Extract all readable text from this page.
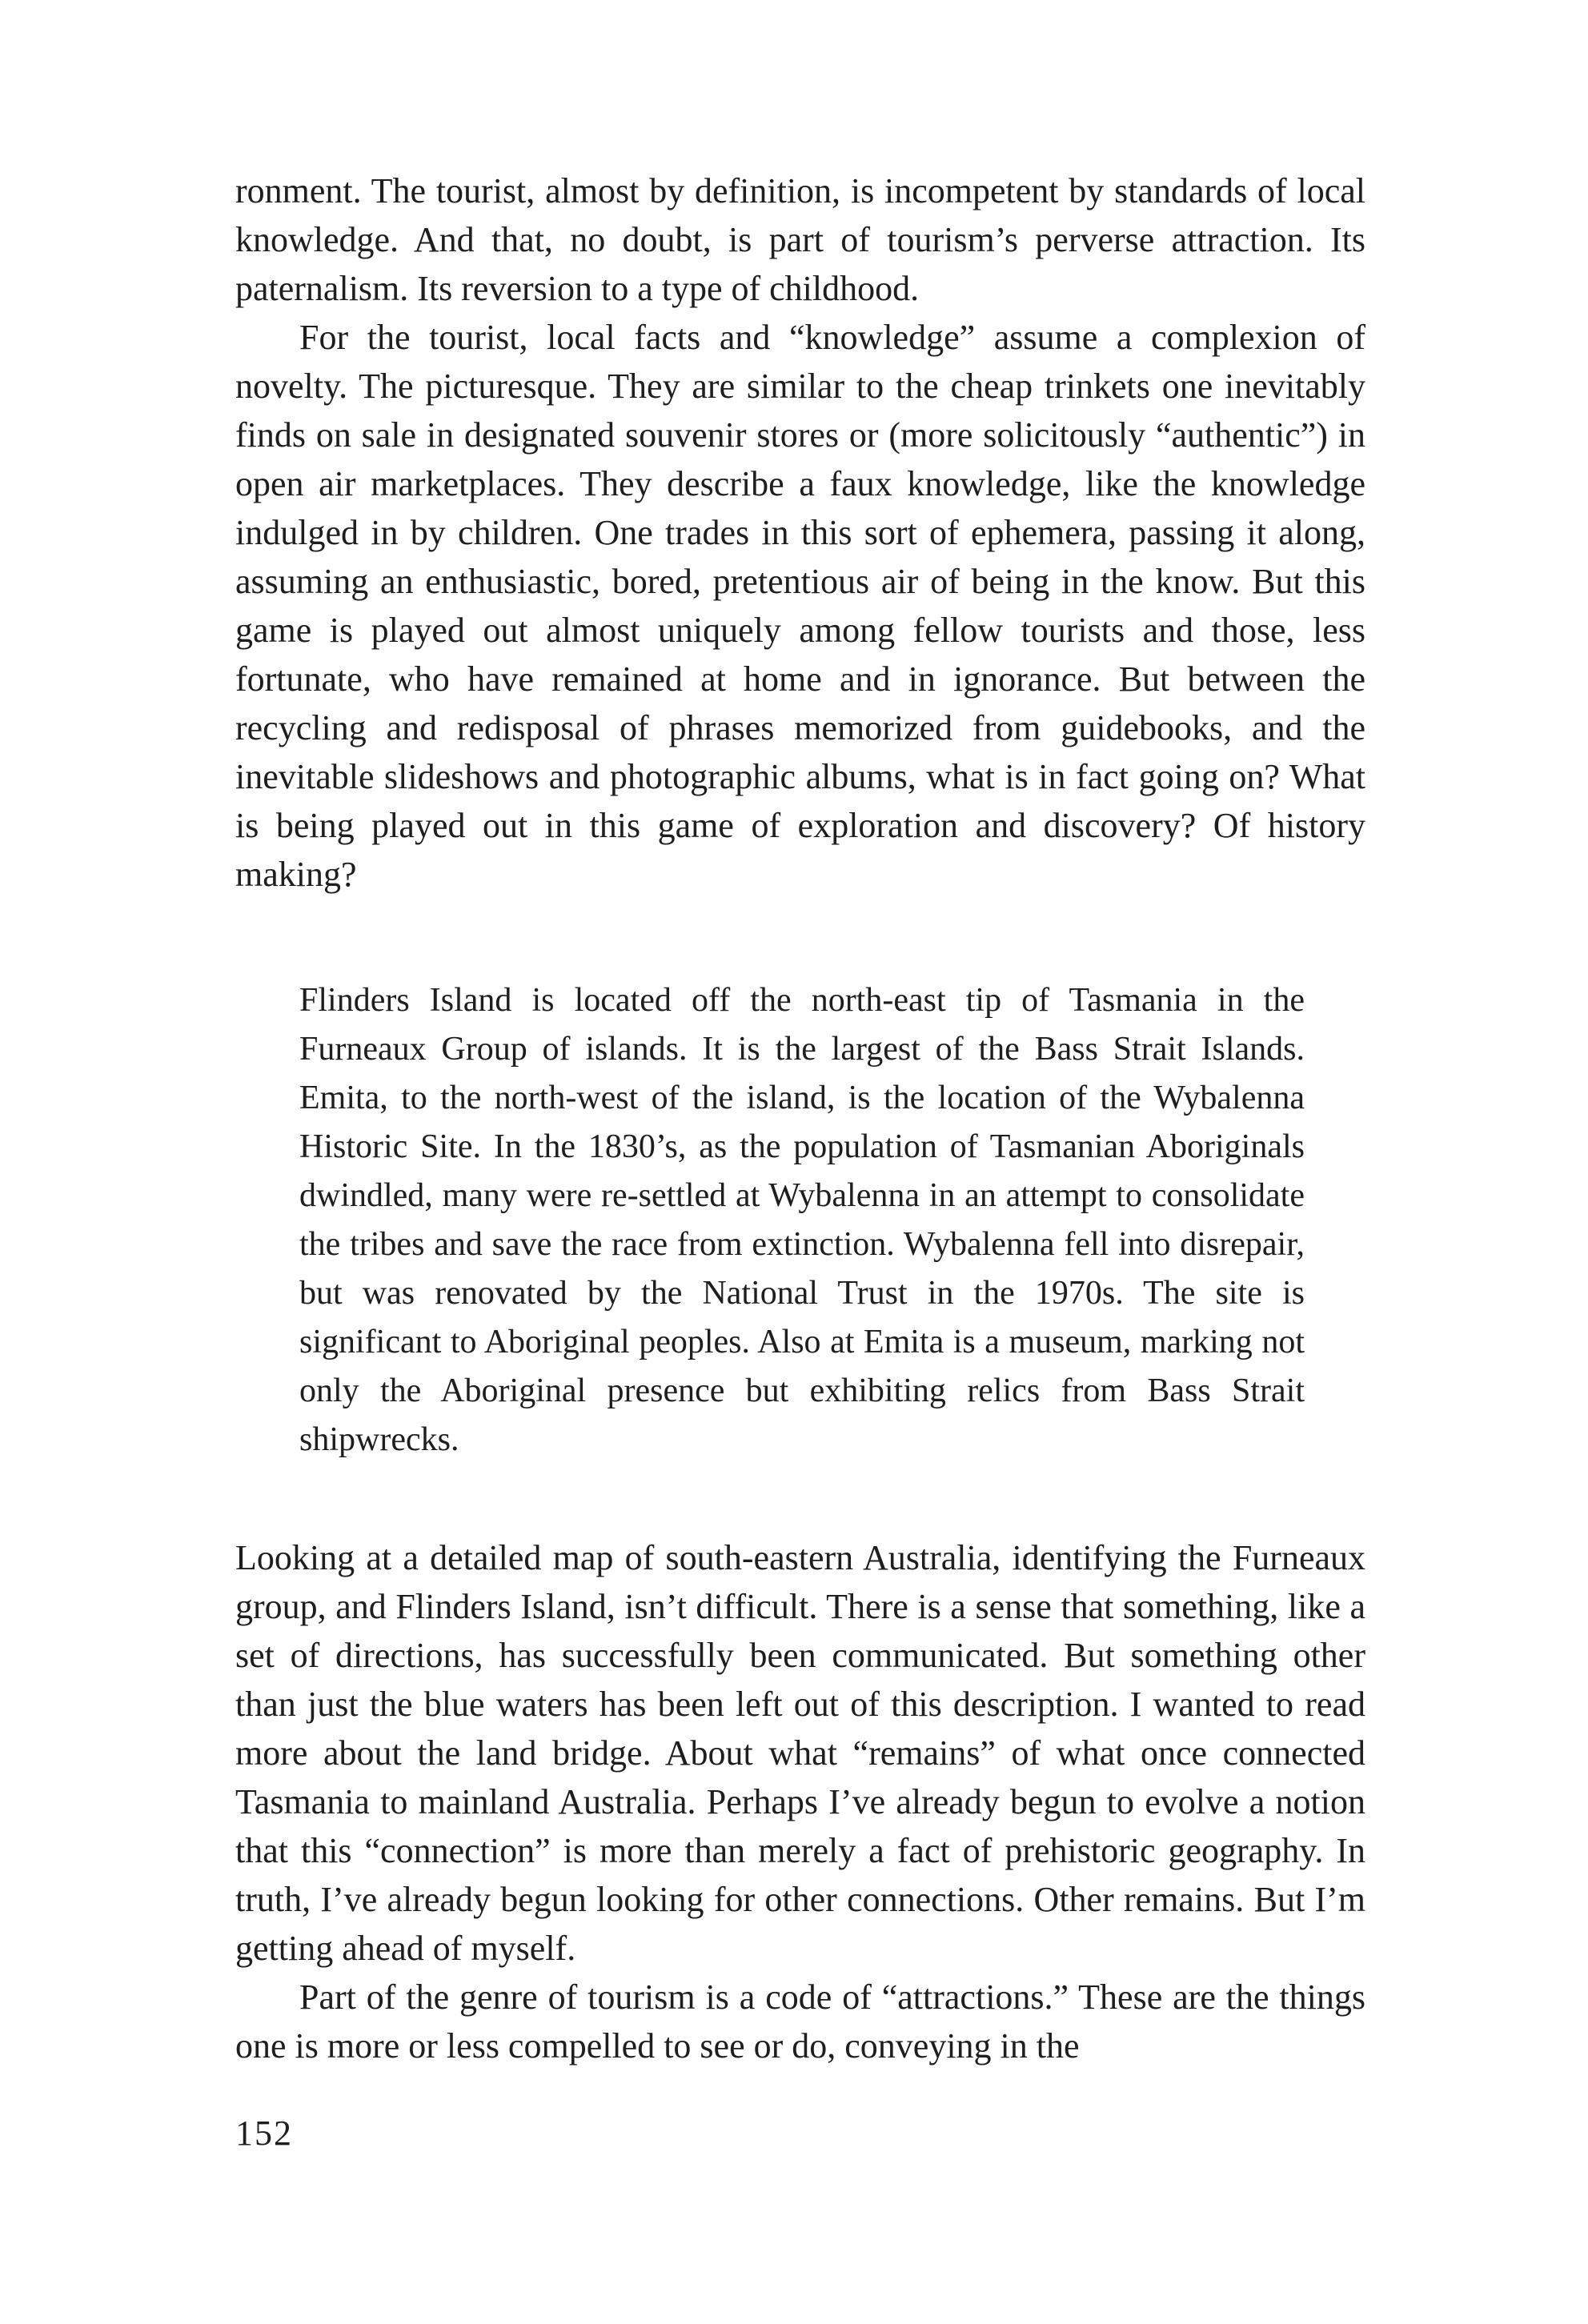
ronment. The tourist, almost by definition, is incompetent by standards of local knowledge. And that, no doubt, is part of tourism’s perverse attraction. Its paternalism. Its reversion to a type of childhood.

For the tourist, local facts and “knowledge” assume a complexion of novelty. The picturesque. They are similar to the cheap trinkets one inevitably finds on sale in designated souvenir stores or (more solicitously “authentic”) in open air marketplaces. They describe a faux knowledge, like the knowledge indulged in by children. One trades in this sort of ephemera, passing it along, assuming an enthusiastic, bored, pretentious air of being in the know. But this game is played out almost uniquely among fellow tourists and those, less fortunate, who have remained at home and in ignorance. But between the recycling and redisposal of phrases memorized from guidebooks, and the inevitable slideshows and photographic albums, what is in fact going on? What is being played out in this game of exploration and discovery? Of history making?

Flinders Island is located off the north-east tip of Tasmania in the Furneaux Group of islands. It is the largest of the Bass Strait Islands. Emita, to the north-west of the island, is the location of the Wybalenna Historic Site. In the 1830’s, as the population of Tasmanian Aboriginals dwindled, many were re-settled at Wybalenna in an attempt to consolidate the tribes and save the race from extinction. Wybalenna fell into disrepair, but was renovated by the National Trust in the 1970s. The site is significant to Aboriginal peoples. Also at Emita is a museum, marking not only the Aboriginal presence but exhibiting relics from Bass Strait shipwrecks.

Looking at a detailed map of south-eastern Australia, identifying the Furneaux group, and Flinders Island, isn’t difficult. There is a sense that something, like a set of directions, has successfully been communicated. But something other than just the blue waters has been left out of this description. I wanted to read more about the land bridge. About what “remains” of what once connected Tasmania to mainland Australia. Perhaps I’ve already begun to evolve a notion that this “connection” is more than merely a fact of prehistoric geography. In truth, I’ve already begun looking for other connections. Other remains. But I’m getting ahead of myself.

Part of the genre of tourism is a code of “attractions.” These are the things one is more or less compelled to see or do, conveying in the

152
